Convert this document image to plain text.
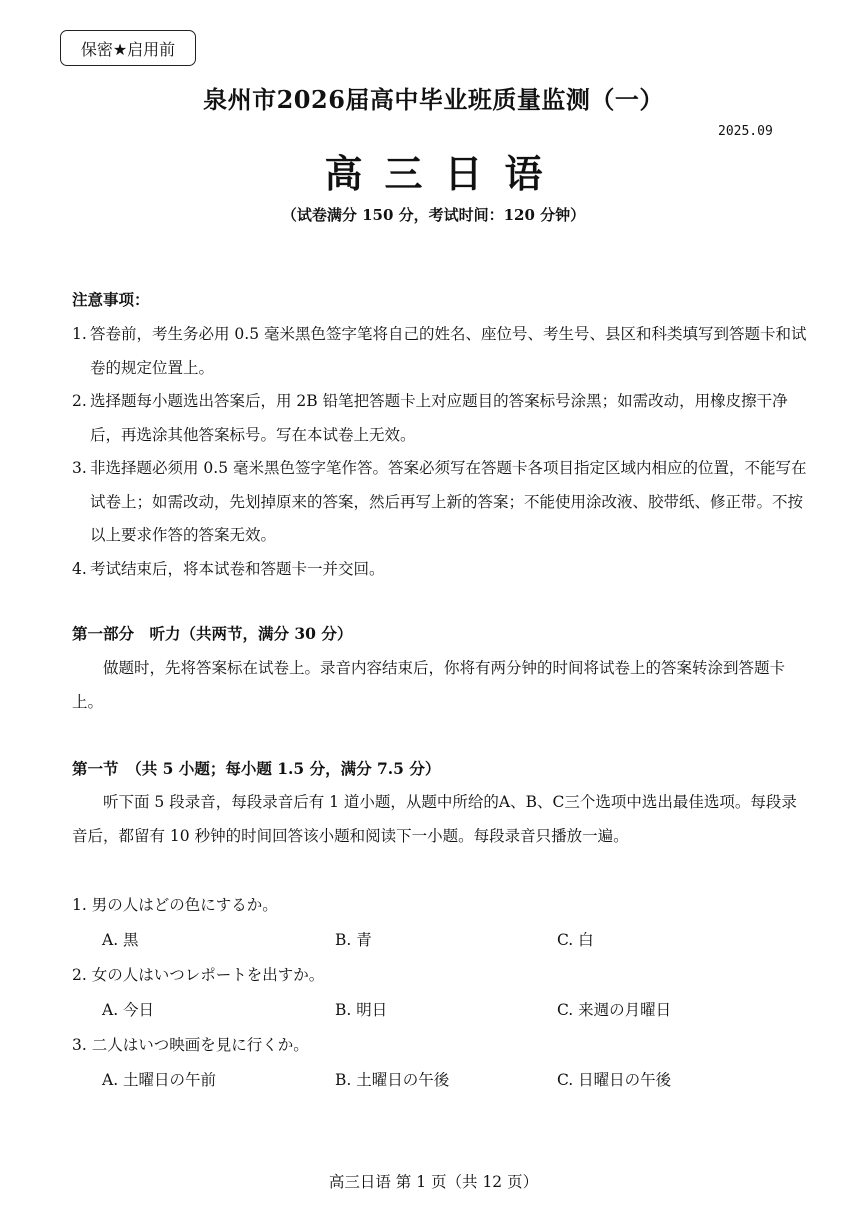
保密★启用前
泉州市2026届高中毕业班质量监测（一）
2025.09
高三日语
（试卷满分 150 分，考试时间：120 分钟）
注意事项：
1. 答卷前，考生务必用 0.5 毫米黑色签字笔将自己的姓名、座位号、考生号、县区和科类填写到答题卡和试卷的规定位置上。
2. 选择题每小题选出答案后，用 2B 铅笔把答题卡上对应题目的答案标号涂黑；如需改动，用橡皮擦干净后，再选涂其他答案标号。写在本试卷上无效。
3. 非选择题必须用 0.5 毫米黑色签字笔作答。答案必须写在答题卡各项目指定区域内相应的位置，不能写在试卷上；如需改动，先划掉原来的答案，然后再写上新的答案；不能使用涂改液、胶带纸、修正带。不按以上要求作答的答案无效。
4. 考试结束后，将本试卷和答题卡一并交回。
第一部分　听力（共两节，满分 30 分）
做题时，先将答案标在试卷上。录音内容结束后，你将有两分钟的时间将试卷上的答案转涂到答题卡上。
第一节　（共 5 小题；每小题 1.5 分，满分 7.5 分）
听下面 5 段录音，每段录音后有 1 道小题，从题中所给的A、B、C三个选项中选出最佳选项。每段录音后，都留有 10 秒钟的时间回答该小题和阅读下一小题。每段录音只播放一遍。
1. 男の人はどの色にするか。
A. 黒	B. 青	C. 白
2. 女の人はいつレポートを出すか。
A. 今日	B. 明日	C. 来週の月曜日
3. 二人はいつ映画を見に行くか。
A. 土曜日の午前	B. 土曜日の午後	C. 日曜日の午後
高三日语 第 1 页（共 12 页）
